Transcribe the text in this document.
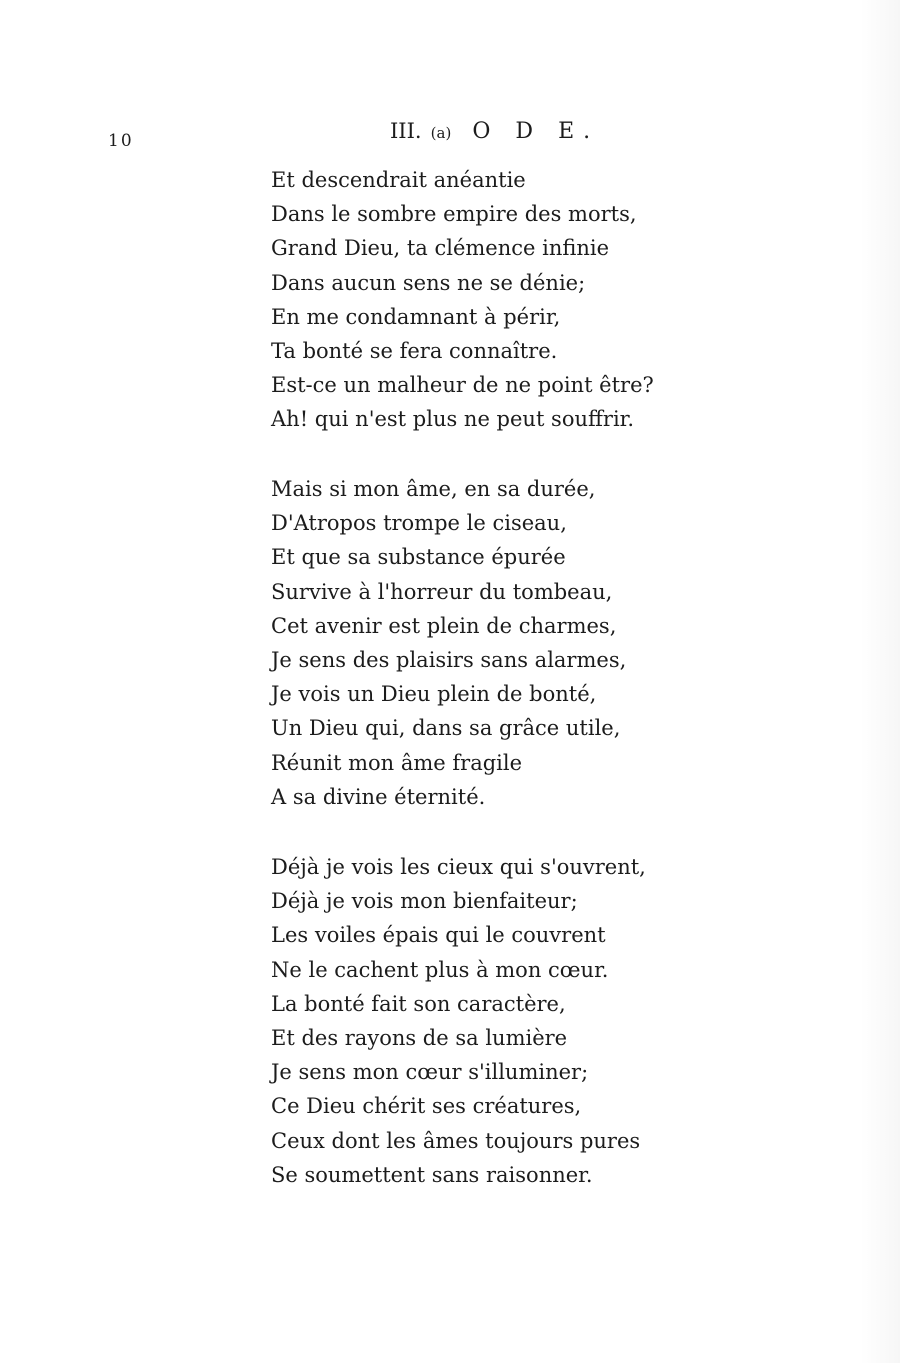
10	III. (a) O D E.
Et descendrait anéantie
Dans le sombre empire des morts,
Grand Dieu, ta clémence infinie
Dans aucun sens ne se dénie;
En me condamnant à périr,
Ta bonté se fera connaître.
Est-ce un malheur de ne point être?
Ah! qui n'est plus ne peut souffrir.
Mais si mon âme, en sa durée,
D'Atropos trompe le ciseau,
Et que sa substance épurée
Survive à l'horreur du tombeau,
Cet avenir est plein de charmes,
Je sens des plaisirs sans alarmes,
Je vois un Dieu plein de bonté,
Un Dieu qui, dans sa grâce utile,
Réunit mon âme fragile
A sa divine éternité.
Déjà je vois les cieux qui s'ouvrent,
Déjà je vois mon bienfaiteur;
Les voiles épais qui le couvrent
Ne le cachent plus à mon cœur.
La bonté fait son caractère,
Et des rayons de sa lumière
Je sens mon cœur s'illuminer;
Ce Dieu chérit ses créatures,
Ceux dont les âmes toujours pures
Se soumettent sans raisonner.
